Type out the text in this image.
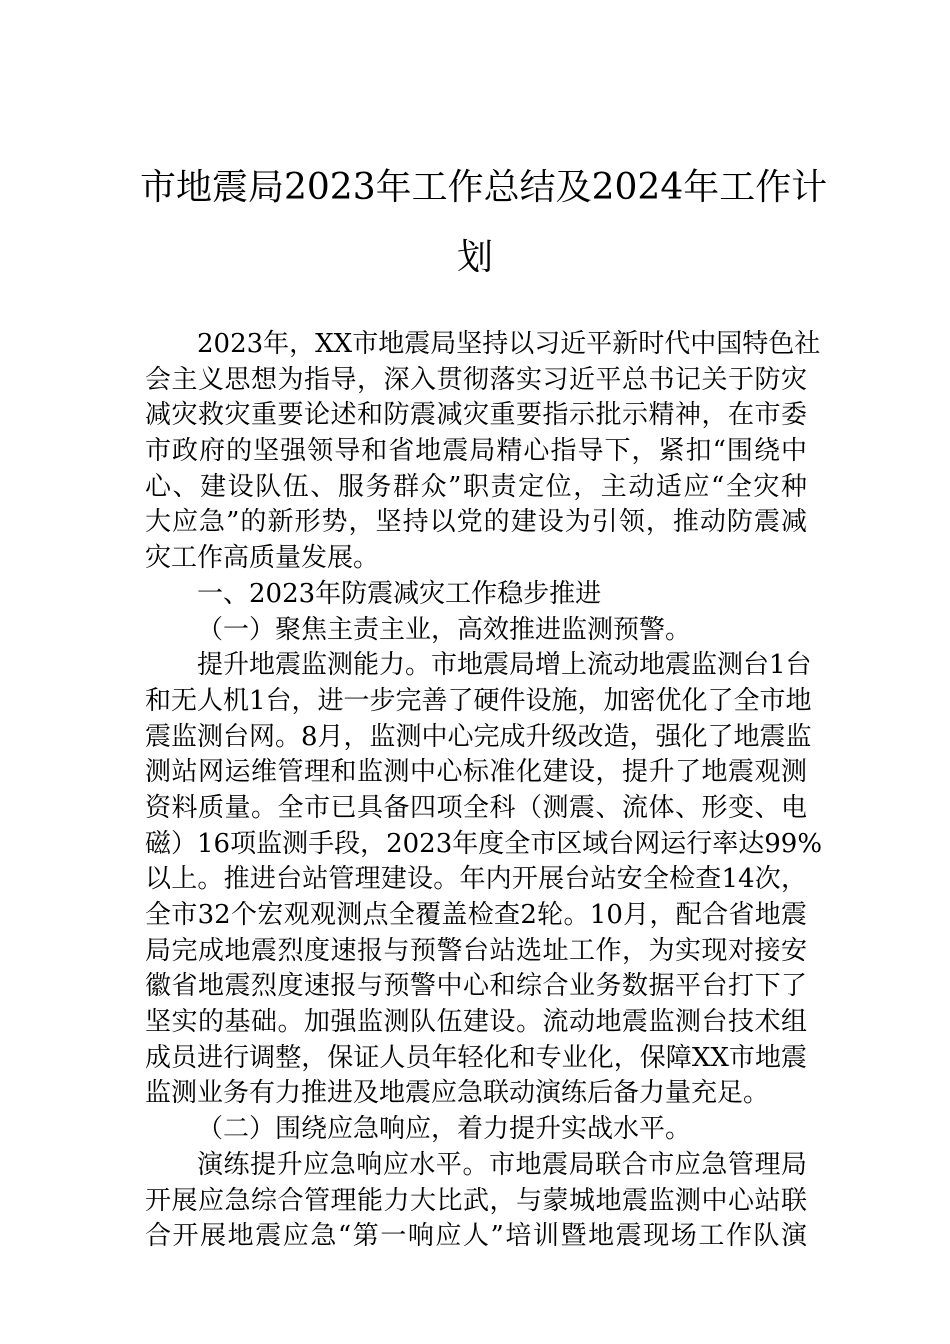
市地震局2023年工作总结及2024年工作计
划
2023年，XX市地震局坚持以习近平新时代中国特色社
会主义思想为指导，深入贯彻落实习近平总书记关于防灾
减灾救灾重要论述和防震减灾重要指示批示精神，在市委
市政府的坚强领导和省地震局精心指导下，紧扣“围绕中
心、建设队伍、服务群众”职责定位，主动适应“全灾种
大应急”的新形势，坚持以党的建设为引领，推动防震减
灾工作高质量发展。
一、2023年防震减灾工作稳步推进
（一）聚焦主责主业，高效推进监测预警。
提升地震监测能力。市地震局增上流动地震监测台1台
和无人机1台，进一步完善了硬件设施，加密优化了全市地
震监测台网。8月，监测中心完成升级改造，强化了地震监
测站网运维管理和监测中心标准化建设，提升了地震观测
资料质量。全市已具备四项全科（测震、流体、形变、电
磁）16项监测手段，2023年度全市区域台网运行率达99%
以上。推进台站管理建设。年内开展台站安全检查14次，
全市32个宏观观测点全覆盖检查2轮。10月，配合省地震
局完成地震烈度速报与预警台站选址工作，为实现对接安
徽省地震烈度速报与预警中心和综合业务数据平台打下了
坚实的基础。加强监测队伍建设。流动地震监测台技术组
成员进行调整，保证人员年轻化和专业化，保障XX市地震
监测业务有力推进及地震应急联动演练后备力量充足。
（二）围绕应急响应，着力提升实战水平。
演练提升应急响应水平。市地震局联合市应急管理局
开展应急综合管理能力大比武，与蒙城地震监测中心站联
合开展地震应急“第一响应人”培训暨地震现场工作队演
